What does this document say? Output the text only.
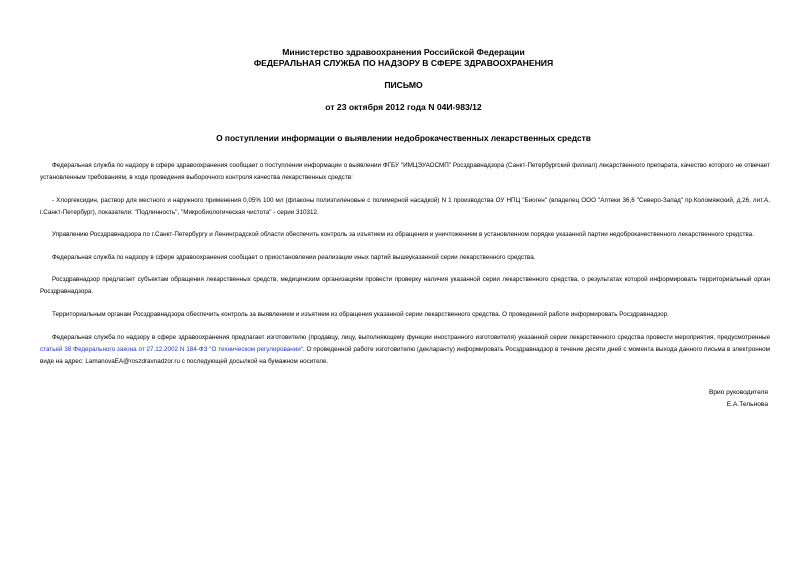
Министерство здравоохранения Российской Федерации
ФЕДЕРАЛЬНАЯ СЛУЖБА ПО НАДЗОРУ В СФЕРЕ ЗДРАВООХРАНЕНИЯ
ПИСЬМО
от 23 октября 2012 года N 04И-983/12
О поступлении информации о выявлении недоброкачественных лекарственных средств

Федеральная служба по надзору в сфере здравоохранения сообщает о поступлении информации о выявлении ФГБУ "ИМЦЭУАОСМП" Росздравнадзора (Санкт-Петербургский филиал) лекарственного препарата, качество которого не отвечает установленным требованиям, в ходе проведения выборочного контроля качества лекарственных средств:

- Хлоргексидин, раствор для местного и наружного применения 0,05% 100 мл (флаконы полиэтиленовые с полимерной насадкой) N 1 производства ОУ НПЦ "Биоген" (владелец ООО "Аптеки 36,6 "Северо-Запад" пр.Коломяжский, д.26, лит.А, г.Санкт-Петербург), показатели: "Подлинность", "Микробиологическая чистота" - серии 310312.

Управлению Росздравнадзора по г.Санкт-Петербургу и Ленинградской области обеспечить контроль за изъятием из обращения и уничтожением в установленном порядке указанной партии недоброкачественного лекарственного средства.

Федеральная служба по надзору в сфере здравоохранения сообщает о приостановлении реализации иных партий вышеуказанной серии лекарственного средства.

Росздравнадзор предлагает субъектам обращения лекарственных средств, медицинским организациям провести проверку наличия указанной серии лекарственного средства, о результатах которой информировать территориальный орган Росздравнадзора.

Территориальным органам Росздравнадзора обеспечить контроль за выявлением и изъятием из обращения указанной серии лекарственного средства. О проведенной работе информировать Росздравнадзор.

Федеральная служба по надзору в сфере здравоохранения предлагает изготовителю (продавцу, лицу, выполняющему функции иностранного изготовителя) указанной серии лекарственного средства провести мероприятия, предусмотренные статьей 38 Федерального закона от 27.12.2002 N 184-ФЗ "О техническом регулировании". О проведенной работе изготовителю (декларанту) информировать Росздравнадзор в течение десяти дней с момента выхода данного письма в электронном виде на адрес: LamanovaEA@roszdravnadzor.ru с последующей досылкой на бумажном носителе.

Врио руководителя
Е.А.Тельнова
